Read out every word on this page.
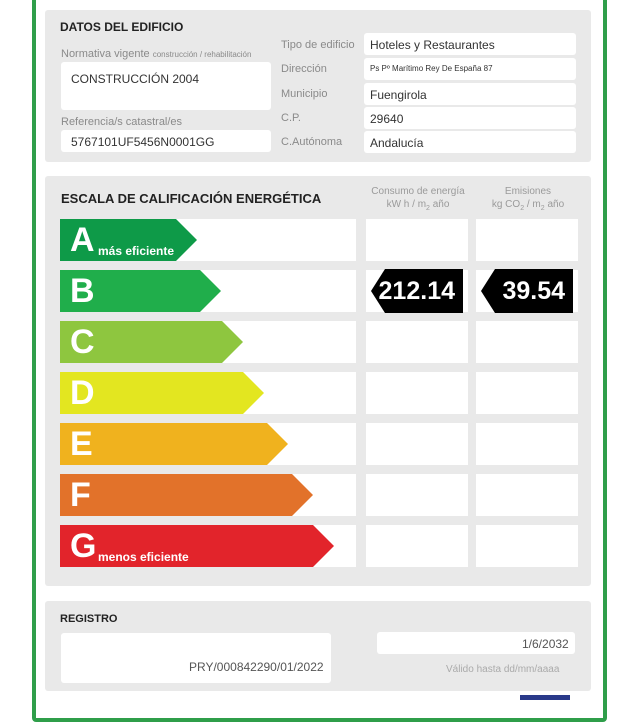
DATOS DEL EDIFICIO
Normativa vigente construcción / rehabilitación
CONSTRUCCIÓN 2004
Referencia/s catastral/es
5767101UF5456N0001GG
Tipo de edificio Hoteles y Restaurantes
Dirección	Ps Pº Marítimo Rey De España 87
Municipio	Fuengirola
C.P.	29640
C.Autónoma Andalucía
ESCALA DE CALIFICACIÓN ENERGÉTICA	Consumo de energía
kW h / $m_2$ año
Emisiones
kg $CO_2 / m_2$ año
A más eficiente
B	212.14 39.54
C
D
E
F
G menos eficiente
REGISTRO
PRY/000842290/01/2022
1/6/2032
Válido hasta dd/mm/aaaa
